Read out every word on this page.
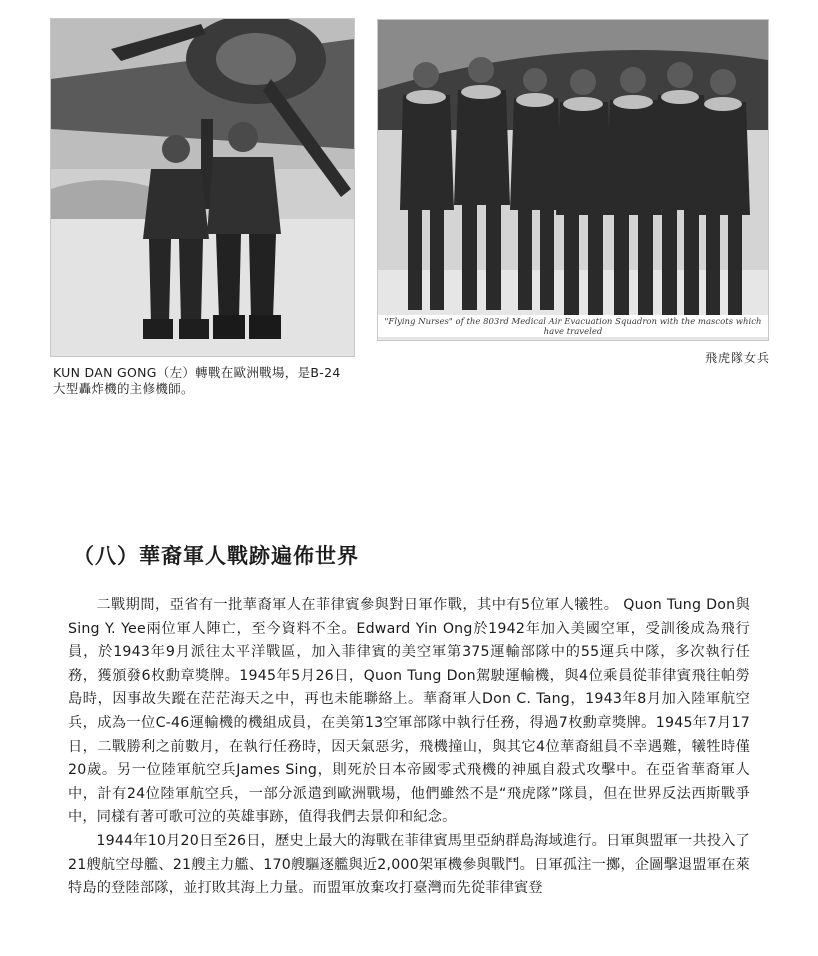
"Flying Nurses" of the 803rd Medical Air Evacuation Squadron with the mascots which have traveled
KUN DAN GONG（左）轉戰在歐洲戰場，是B-24大型轟炸機的主修機師。
飛虎隊女兵
（八）華裔軍人戰跡遍佈世界

二戰期間，亞省有一批華裔軍人在菲律賓參與對日軍作戰，其中有5位軍人犧牲。 Quon Tung Don與Sing Y. Yee兩位軍人陣亡，至今資料不全。Edward Yin Ong於1942年加入美國空軍，受訓後成為飛行員，於1943年9月派往太平洋戰區，加入菲律賓的美空軍第375運輸部隊中的55運兵中隊，多次執行任務，獲頒發6枚勳章獎牌。1945年5月26日，Quon Tung Don駕駛運輸機，與4位乘員從菲律賓飛往帕勞島時，因事故失蹤在茫茫海天之中，再也未能聯絡上。華裔軍人Don C. Tang，1943年8月加入陸軍航空兵，成為一位C-46運輸機的機組成員，在美第13空軍部隊中執行任務，得過7枚勳章獎牌。1945年7月17日，二戰勝利之前數月，在執行任務時，因天氣惡劣，飛機撞山，與其它4位華裔組員不幸遇難，犧牲時僅20歲。另一位陸軍航空兵James Sing，則死於日本帝國零式飛機的神風自殺式攻擊中。在亞省華裔軍人中，計有24位陸軍航空兵，一部分派遣到歐洲戰場，他們雖然不是“飛虎隊”隊員，但在世界反法西斯戰爭中，同樣有著可歌可泣的英雄事跡，值得我們去景仰和紀念。

1944年10月20日至26日，歷史上最大的海戰在菲律賓馬里亞納群島海域進行。日軍與盟軍一共投入了21艘航空母艦、21艘主力艦、170艘驅逐艦與近2,000架軍機參與戰鬥。日軍孤注一擲，企圖擊退盟軍在萊特島的登陸部隊，並打敗其海上力量。而盟軍放棄攻打臺灣而先從菲律賓登
